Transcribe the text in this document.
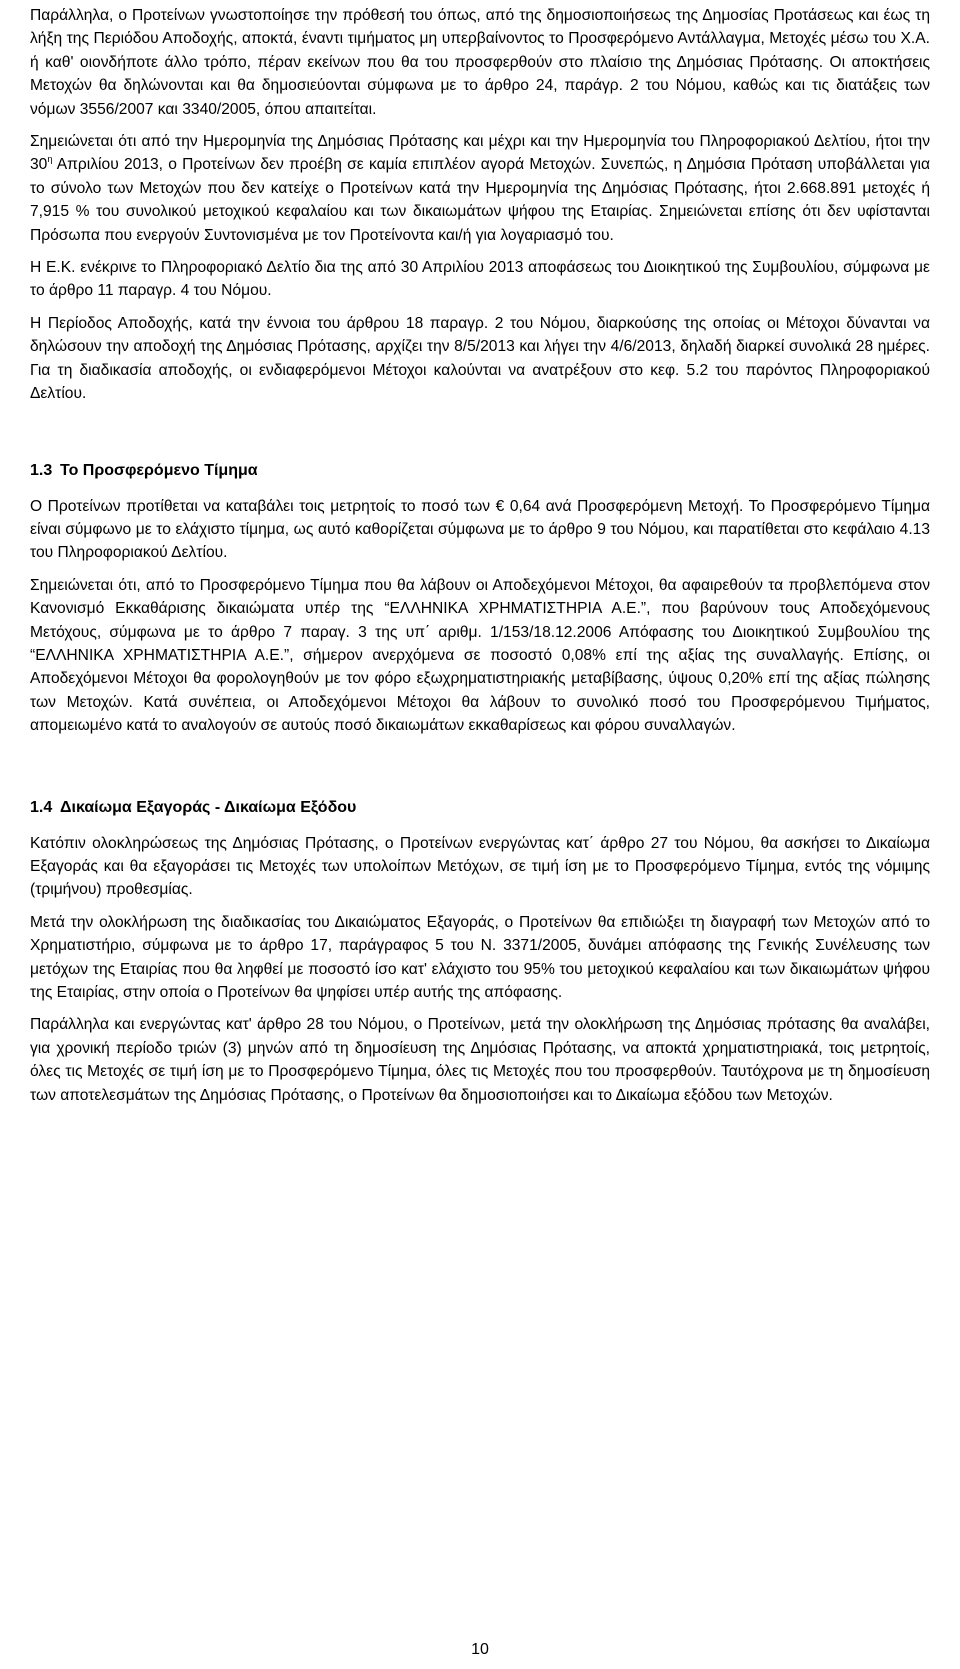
Παράλληλα, ο Προτείνων γνωστοποίησε την πρόθεσή του όπως, από της δημοσιοποιήσεως της Δημοσίας Προτάσεως και έως τη λήξη της Περιόδου Αποδοχής, αποκτά, έναντι τιμήματος μη υπερβαίνοντος το Προσφερόμενο Αντάλλαγμα, Μετοχές μέσω του Χ.Α. ή καθ' οιονδήποτε άλλο τρόπο, πέραν εκείνων που θα του προσφερθούν στο πλαίσιο της Δημόσιας Πρότασης. Οι αποκτήσεις Μετοχών θα δηλώνονται και θα δημοσιεύονται σύμφωνα με το άρθρο 24, παράγρ. 2 του Νόμου, καθώς και τις διατάξεις των νόμων 3556/2007 και 3340/2005, όπου απαιτείται.

Σημειώνεται ότι από την Ημερομηνία της Δημόσιας Πρότασης και μέχρι και την Ημερομηνία του Πληροφοριακού Δελτίου, ήτοι την $30^\eta$ Απριλίου 2013, ο Προτείνων δεν προέβη σε καμία επιπλέον αγορά Μετοχών. Συνεπώς, η Δημόσια Πρόταση υποβάλλεται για το σύνολο των Μετοχών που δεν κατείχε ο Προτείνων κατά την Ημερομηνία της Δημόσιας Πρότασης, ήτοι 2.668.891 μετοχές ή 7,915 % του συνολικού μετοχικού κεφαλαίου και των δικαιωμάτων ψήφου της Εταιρίας. Σημειώνεται επίσης ότι δεν υφίστανται Πρόσωπα που ενεργούν Συντονισμένα με τον Προτείνοντα και/ή για λογαριασμό του.

Η Ε.Κ. ενέκρινε το Πληροφοριακό Δελτίο δια της από 30 Απριλίου 2013 αποφάσεως του Διοικητικού της Συμβουλίου, σύμφωνα με το άρθρο 11 παραγρ. 4 του Νόμου.

Η Περίοδος Αποδοχής, κατά την έννοια του άρθρου 18 παραγρ. 2 του Νόμου, διαρκούσης της οποίας οι Μέτοχοι δύνανται να δηλώσουν την αποδοχή της Δημόσιας Πρότασης, αρχίζει την 8/5/2013 και λήγει την 4/6/2013, δηλαδή διαρκεί συνολικά 28 ημέρες. Για τη διαδικασία αποδοχής, οι ενδιαφερόμενοι Μέτοχοι καλούνται να ανατρέξουν στο κεφ. 5.2 του παρόντος Πληροφοριακού Δελτίου.

1.3 Το Προσφερόμενο Τίμημα

Ο Προτείνων προτίθεται να καταβάλει τοις μετρητοίς το ποσό των € 0,64 ανά Προσφερόμενη Μετοχή. Το Προσφερόμενο Τίμημα είναι σύμφωνο με το ελάχιστο τίμημα, ως αυτό καθορίζεται σύμφωνα με το άρθρο 9 του Νόμου, και παρατίθεται στο κεφάλαιο 4.13 του Πληροφοριακού Δελτίου.

Σημειώνεται ότι, από το Προσφερόμενο Τίμημα που θα λάβουν οι Αποδεχόμενοι Μέτοχοι, θα αφαιρεθούν τα προβλεπόμενα στον Κανονισμό Εκκαθάρισης δικαιώματα υπέρ της “ΕΛΛΗΝΙΚΑ ΧΡΗΜΑΤΙΣΤΗΡΙΑ Α.Ε.”, που βαρύνουν τους Αποδεχόμενους Μετόχους, σύμφωνα με το άρθρο 7 παραγ. 3 της υπ΄ αριθμ. 1/153/18.12.2006 Απόφασης του Διοικητικού Συμβουλίου της “ΕΛΛΗΝΙΚΑ ΧΡΗΜΑΤΙΣΤΗΡΙΑ Α.Ε.”, σήμερον ανερχόμενα σε ποσοστό 0,08% επί της αξίας της συναλλαγής. Επίσης, οι Αποδεχόμενοι Μέτοχοι θα φορολογηθούν με τον φόρο εξωχρηματιστηριακής μεταβίβασης, ύψους 0,20% επί της αξίας πώλησης των Μετοχών. Κατά συνέπεια, οι Αποδεχόμενοι Μέτοχοι θα λάβουν το συνολικό ποσό του Προσφερόμενου Τιμήματος, απομειωμένο κατά το αναλογούν σε αυτούς ποσό δικαιωμάτων εκκαθαρίσεως και φόρου συναλλαγών.

1.4 Δικαίωμα Εξαγοράς - Δικαίωμα Εξόδου

Κατόπιν ολοκληρώσεως της Δημόσιας Πρότασης, ο Προτείνων ενεργώντας κατ΄ άρθρο 27 του Νόμου, θα ασκήσει το Δικαίωμα Εξαγοράς και θα εξαγοράσει τις Μετοχές των υπολοίπων Μετόχων, σε τιμή ίση με το Προσφερόμενο Τίμημα, εντός της νόμιμης (τριμήνου) προθεσμίας.

Μετά την ολοκλήρωση της διαδικασίας του Δικαιώματος Εξαγοράς, ο Προτείνων θα επιδιώξει τη διαγραφή των Μετοχών από το Χρηματιστήριο, σύμφωνα με το άρθρο 17, παράγραφος 5 του Ν. 3371/2005, δυνάμει απόφασης της Γενικής Συνέλευσης των μετόχων της Εταιρίας που θα ληφθεί με ποσοστό ίσο κατ' ελάχιστο του 95% του μετοχικού κεφαλαίου και των δικαιωμάτων ψήφου της Εταιρίας, στην οποία ο Προτείνων θα ψηφίσει υπέρ αυτής της απόφασης.

Παράλληλα και ενεργώντας κατ' άρθρο 28 του Νόμου, ο Προτείνων, μετά την ολοκλήρωση της Δημόσιας πρότασης θα αναλάβει, για χρονική περίοδο τριών (3) μηνών από τη δημοσίευση της Δημόσιας Πρότασης, να αποκτά χρηματιστηριακά, τοις μετρητοίς, όλες τις Μετοχές σε τιμή ίση με το Προσφερόμενο Τίμημα, όλες τις Μετοχές που του προσφερθούν. Ταυτόχρονα με τη δημοσίευση των αποτελεσμάτων της Δημόσιας Πρότασης, ο Προτείνων θα δημοσιοποιήσει και το Δικαίωμα εξόδου των Μετοχών.

10
